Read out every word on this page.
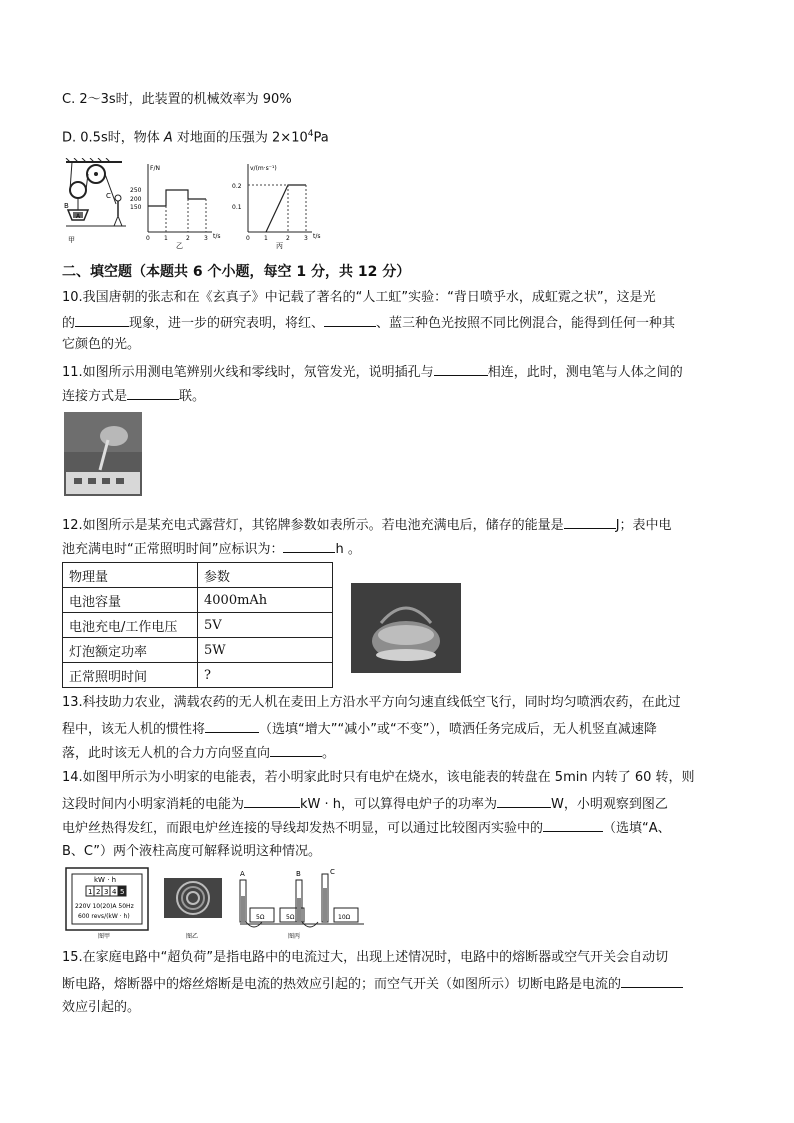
C. 2～3s时，此装置的机械效率为 90%
D. 0.5s时，物体 A 对地面的压强为 $2\times 10^4Pa$
B
C
A
甲
F/N
250
200
150
0 1	2 3 t/s
乙
v/(m·s⁻¹)
0.2
0.1
0 1	2 3 t/s
丙
二、填空题（本题共 6 个小题，每空 1 分，共 12 分）
10.我国唐朝的张志和在《玄真子》中记载了著名的“人工虹”实验：“背日喷乎水，成虹霓之状”，这是光
的	现象，进一步的研究表明，将红、	、蓝三种色光按照不同比例混合，能得到任何一种其
它颜色的光。
11.如图所示用测电笔辨别火线和零线时，氖管发光，说明插孔与	相连，此时，测电笔与人体之间的
连接方式是	联。
12.如图所示是某充电式露营灯，其铭牌参数如表所示。若电池充满电后，储存的能量是	J；表中电
池充满电时“正常照明时间”应标识为：	h 。
物理量	参数
电池容量	4000mAh
电池充电/工作电压	5V
灯泡额定功率	5W
正常照明时间	?
13.科技助力农业，满载农药的无人机在麦田上方沿水平方向匀速直线低空飞行，同时均匀喷洒农药，在此过
程中，该无人机的惯性将	（选填“增大”“减小”或“不变”），喷洒任务完成后，无人机竖直减速降
落，此时该无人机的合力方向竖直向	。
14.如图甲所示为小明家的电能表，若小明家此时只有电炉在烧水，该电能表的转盘在 5min 内转了 60 转，则
这段时间内小明家消耗的电能为	kW · h，可以算得电炉子的功率为	W，小明观察到图乙
电炉丝热得发红，而跟电炉丝连接的导线却发热不明显，可以通过比较图丙实验中的	（选填“A、
B、C”）两个液柱高度可解释说明这种情况。
kW · h
1 2 3 4 5
220V 10(20)A 50Hz
600 revs/(kW · h)
图甲	图乙
A	B	C
5Ω	5Ω	10Ω
图丙
15.在家庭电路中“超负荷”是指电路中的电流过大，出现上述情况时，电路中的熔断器或空气开关会自动切
断电路，熔断器中的熔丝熔断是电流的热效应引起的；而空气开关（如图所示）切断电路是电流的
效应引起的。
